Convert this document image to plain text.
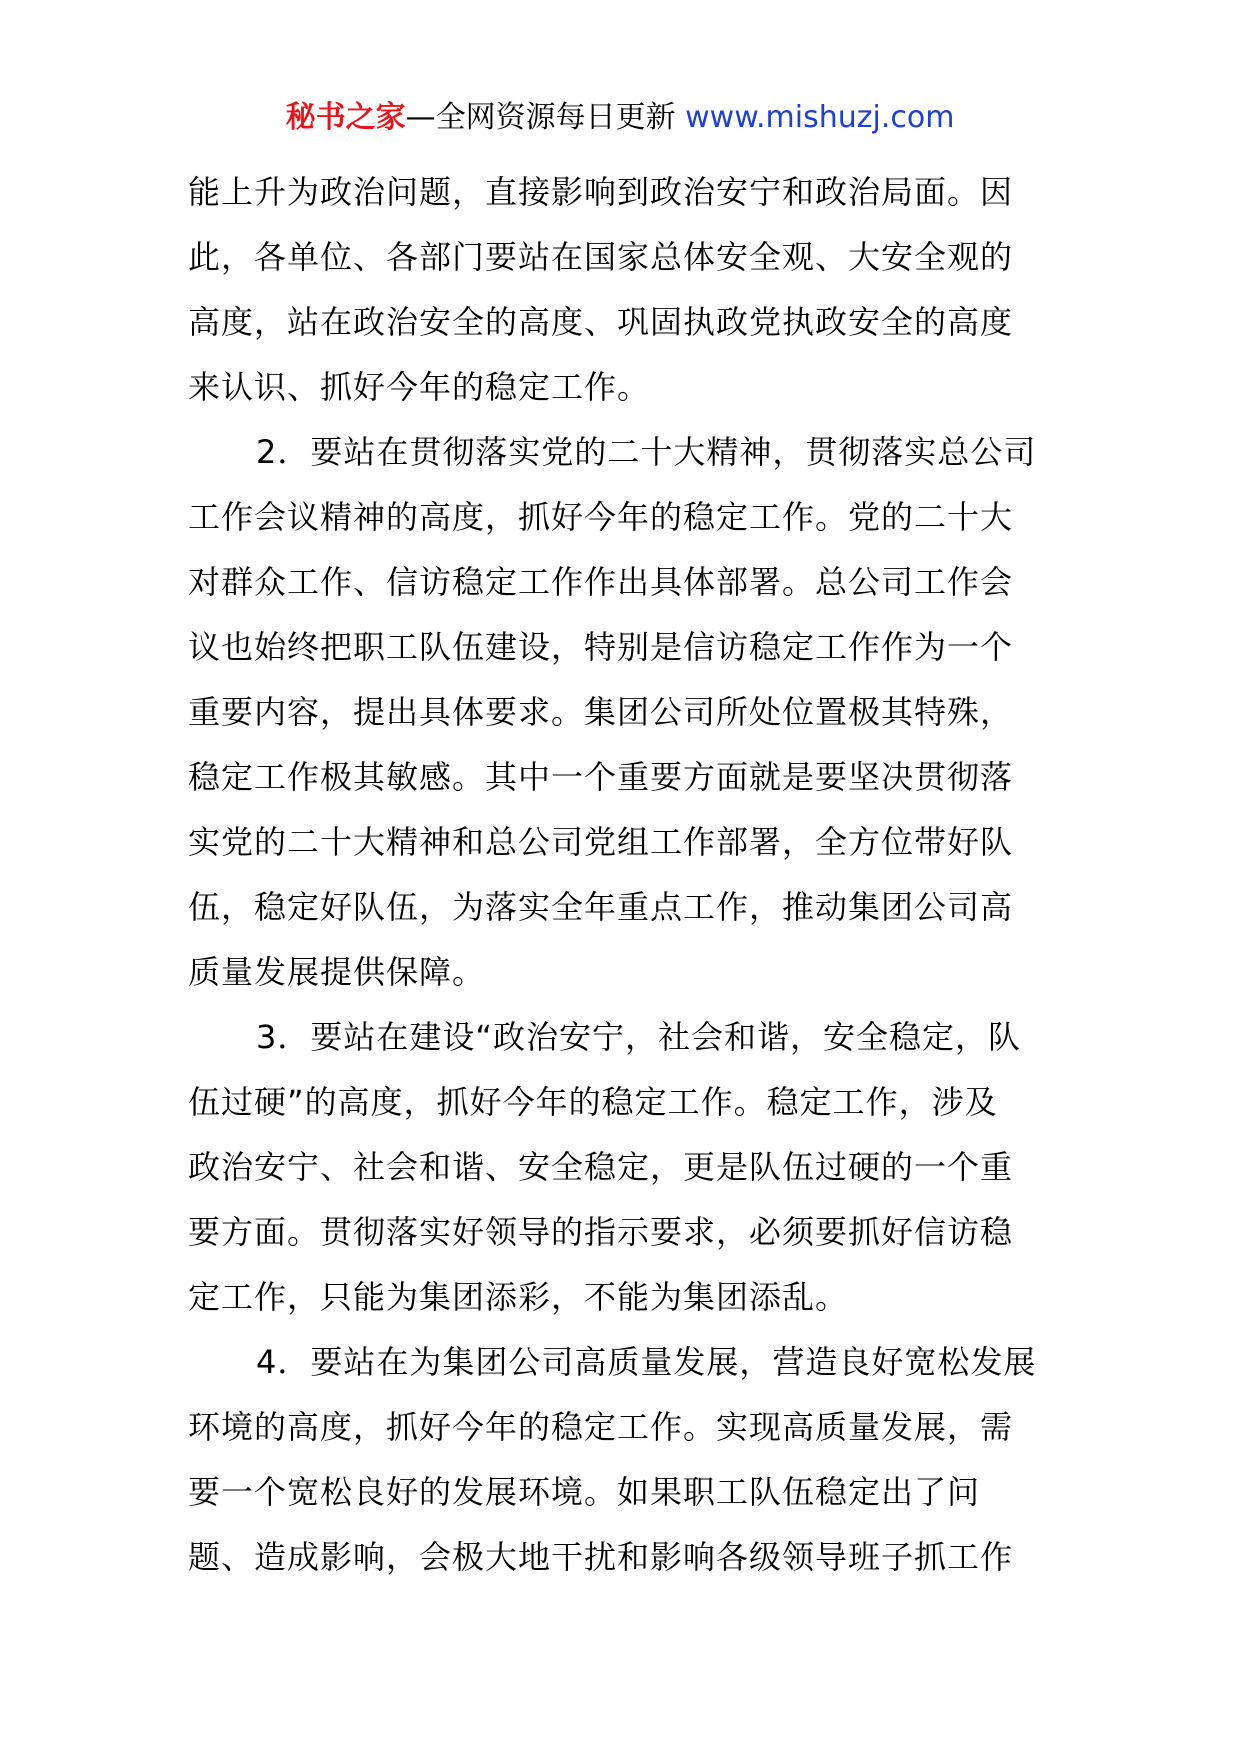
秘书之家—全网资源每日更新 www.mishuzj.com
能上升为政治问题，直接影响到政治安宁和政治局面。因
此，各单位、各部门要站在国家总体安全观、大安全观的
高度，站在政治安全的高度、巩固执政党执政安全的高度
来认识、抓好今年的稳定工作。
2．要站在贯彻落实党的二十大精神，贯彻落实总公司
工作会议精神的高度，抓好今年的稳定工作。党的二十大
对群众工作、信访稳定工作作出具体部署。总公司工作会
议也始终把职工队伍建设，特别是信访稳定工作作为一个
重要内容，提出具体要求。集团公司所处位置极其特殊，
稳定工作极其敏感。其中一个重要方面就是要坚决贯彻落
实党的二十大精神和总公司党组工作部署，全方位带好队
伍，稳定好队伍，为落实全年重点工作，推动集团公司高
质量发展提供保障。
3．要站在建设“政治安宁，社会和谐，安全稳定，队
伍过硬”的高度，抓好今年的稳定工作。稳定工作，涉及
政治安宁、社会和谐、安全稳定，更是队伍过硬的一个重
要方面。贯彻落实好领导的指示要求，必须要抓好信访稳
定工作，只能为集团添彩，不能为集团添乱。
4．要站在为集团公司高质量发展，营造良好宽松发展
环境的高度，抓好今年的稳定工作。实现高质量发展，需
要一个宽松良好的发展环境。如果职工队伍稳定出了问
题、造成影响，会极大地干扰和影响各级领导班子抓工作
